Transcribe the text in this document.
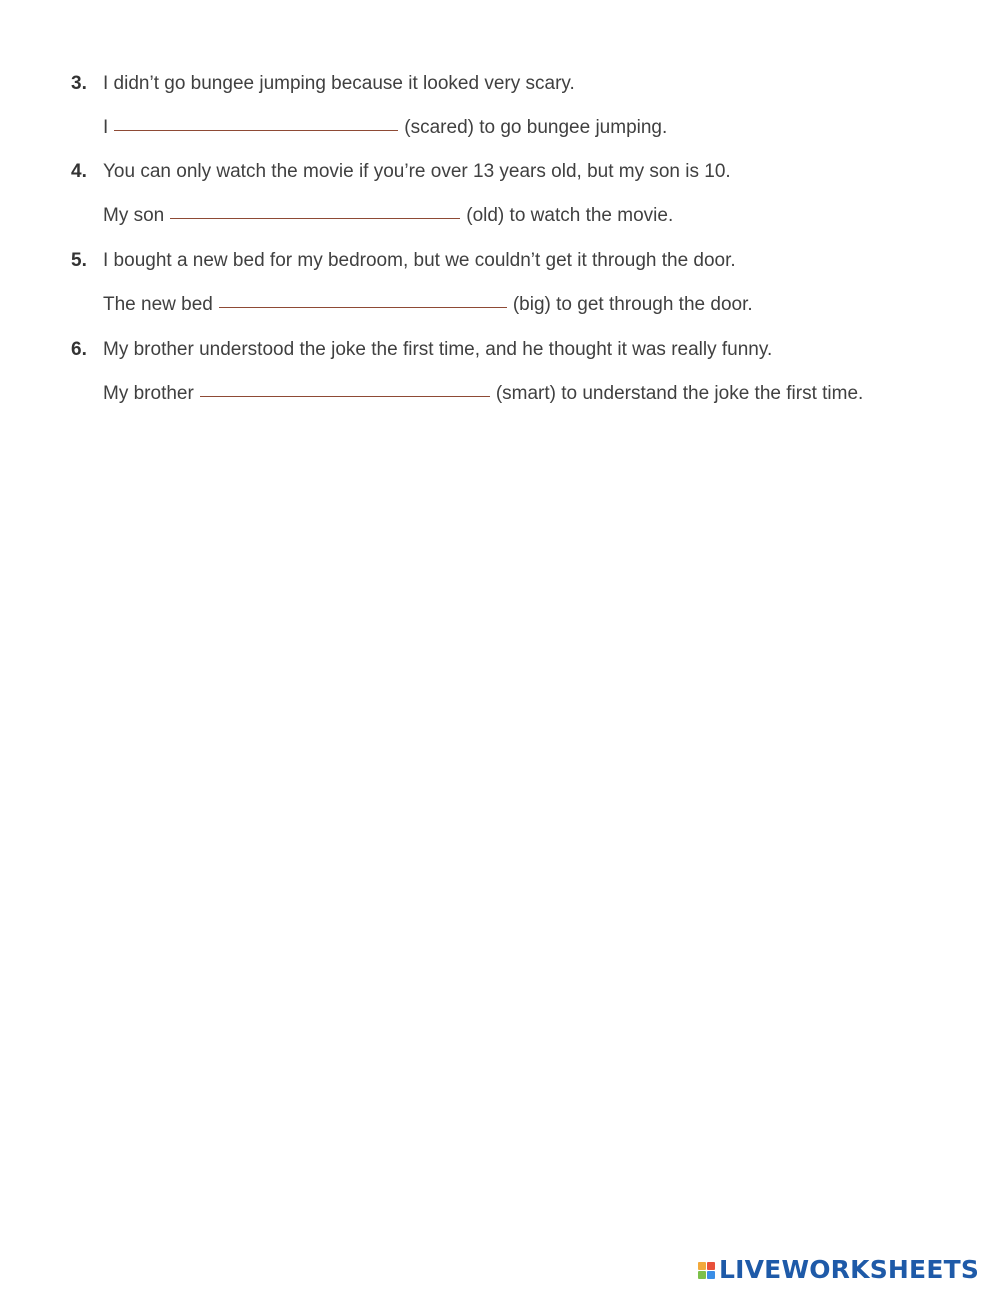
3. I didn’t go bungee jumping because it looked very scary.
I	(scared) to go bungee jumping.
4. You can only watch the movie if you’re over 13 years old, but my son is 10.
My son	(old) to watch the movie.
5. I bought a new bed for my bedroom, but we couldn’t get it through the door.
The new bed	(big) to get through the door.
6. My brother understood the joke the first time, and he thought it was really funny.
My brother	(smart) to understand the joke the first time.
LIVEWORKSHEETS
